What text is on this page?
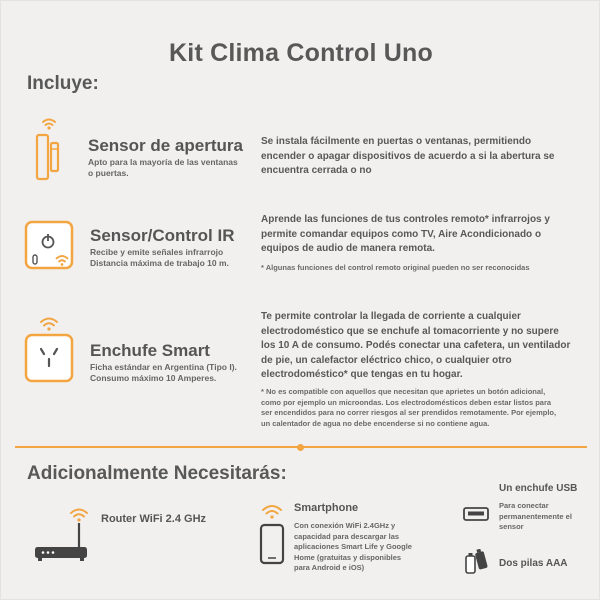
Kit Clima Control Uno
Incluye:
Sensor de apertura
Apto para la mayoría de las ventanas
o puertas.
Se instala fácilmente en puertas o ventanas, permitiendo
encender o apagar dispositivos de acuerdo a si la abertura se
encuentra cerrada o no
Sensor/Control IR
Recibe y emite señales infrarrojo
Distancia máxima de trabajo 10 m.
Aprende las funciones de tus controles remoto* infrarrojos y
permite comandar equipos como TV, Aire Acondicionado o
equipos de audio de manera remota.
* Algunas funciones del control remoto original pueden no ser reconocidas
Enchufe Smart
Ficha estándar en Argentina (Tipo I).
Consumo máximo 10 Amperes.
Te permite controlar la llegada de corriente a cualquier
electrodoméstico que se enchufe al tomacorriente y no supere
los 10 A de consumo. Podés conectar una cafetera, un ventilador
de pie, un calefactor eléctrico chico, o cualquier otro
electrodoméstico* que tengas en tu hogar.
* No es compatible con aquellos que necesitan que aprietes un botón adicional,
como por ejemplo un microondas. Los electrodomésticos deben estar listos para
ser encendidos para no correr riesgos al ser prendidos remotamente. Por ejemplo,
un calentador de agua no debe encenderse si no contiene agua.
Adicionalmente Necesitarás:
Router WiFi 2.4 GHz
Smartphone
Con conexión WiFi 2.4GHz y
capacidad para descargar las
aplicaciones Smart Life y Google
Home (gratuitas y disponibles
para Android e iOS)
Un enchufe USB
Para conectar
permanentemente el
sensor
Dos pilas AAA
